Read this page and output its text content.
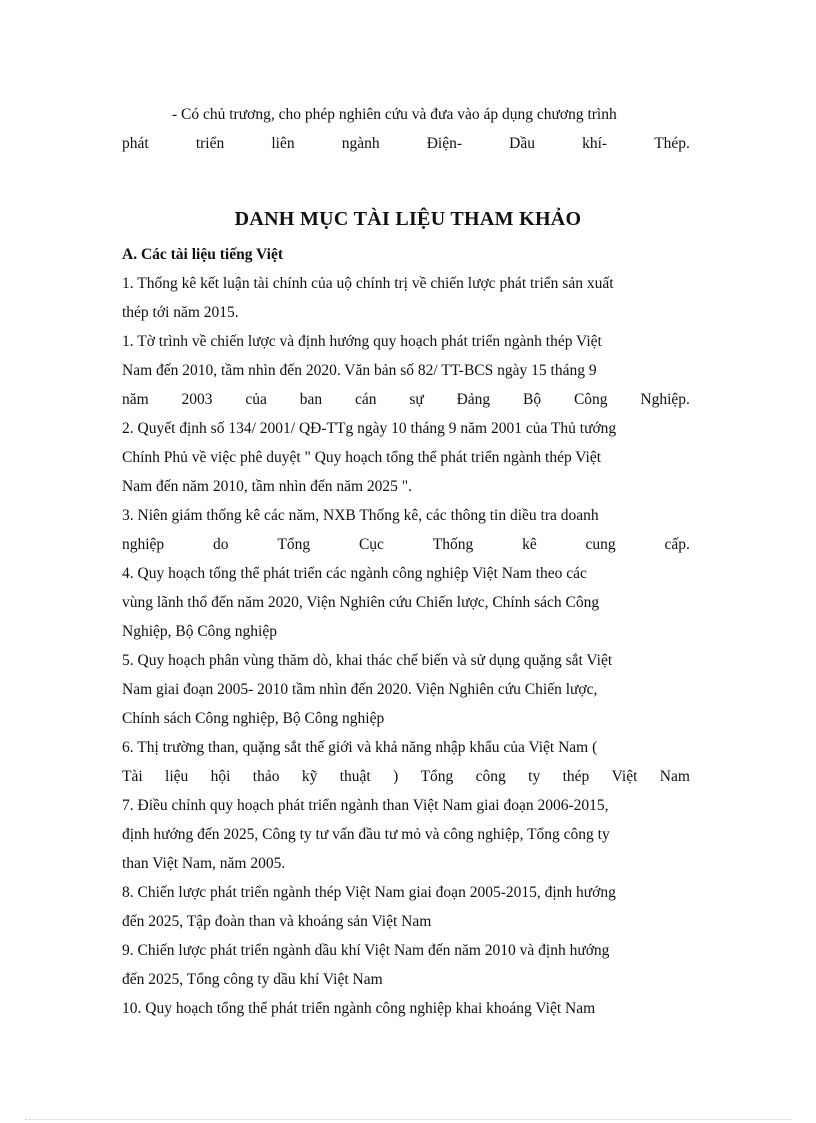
- Có chủ trương, cho phép nghiên cứu và đưa vào áp dụng chương trình
phát	triển	liên	ngành	Điện-	Dầu	khí-	Thép.
DANH MỤC TÀI LIỆU THAM KHẢO
A. Các tài liệu tiếng Việt
1. Thống kê kết luận tài chính của uộ chính trị về chiến lược phát triển sản xuất
thép tới năm 2015.
1. Tờ trình về chiến lược và định hướng quy hoạch phát triển ngành thép Việt
Nam đến 2010, tầm nhìn đến 2020. Văn bản số 82/ TT-BCS ngày 15 tháng 9
năm 2003 của ban cán sự Đảng Bộ Công Nghiệp.
2. Quyết định số 134/ 2001/ QĐ-TTg ngày 10 tháng 9 năm 2001 của Thủ tướng
Chính Phủ về việc phê duyệt " Quy hoạch tổng thể phát triển ngành thép Việt
Nam đến năm 2010, tầm nhìn đến năm 2025 ".
3. Niên giám thống kê các năm, NXB Thống kê, các thông tin diều tra doanh
nghiệp	do	Tổng	Cục	Thống	kê	cung	cấp.
4. Quy hoạch tổng thể phát triển các ngành công nghiệp Việt Nam theo các
vùng lãnh thổ đến năm 2020, Viện Nghiên cứu Chiến lược, Chính sách Công
Nghiệp, Bộ Công nghiệp
5. Quy hoạch phân vùng thăm dò, khai thác chế biến và sử dụng quặng sắt Việt
Nam giai đoạn 2005- 2010 tầm nhìn đến 2020. Viện Nghiên cứu Chiến lược,
Chính sách Công nghiệp, Bộ Công nghiệp
6. Thị trường than, quặng sắt thế giới và khả năng nhập khẩu của Việt Nam (
Tài liệu hội thảo kỹ thuật ) Tổng công ty thép Việt Nam
7. Điều chỉnh quy hoạch phát triển ngành than Việt Nam giai đoạn 2006-2015,
định hướng đến 2025, Công ty tư vấn đầu tư mỏ và công nghiệp, Tổng công ty
than Việt Nam, năm 2005.
8. Chiến lược phát triển ngành thép Việt Nam giai đoạn 2005-2015, định hướng
đến 2025, Tập đoàn than và khoáng sản Việt Nam
9. Chiến lược phát triển ngành dầu khí Việt Nam đến năm 2010 và định hướng
đến 2025, Tổng công ty dầu khí Việt Nam
10. Quy hoạch tổng thể phát triển ngành công nghiệp khai khoáng Việt Nam
